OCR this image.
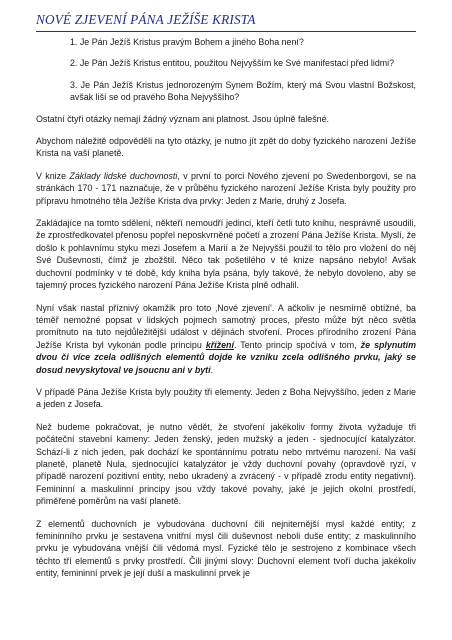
NOVÉ ZJEVENÍ PÁNA JEŽÍŠE KRISTA

1. Je Pán Ježíš Kristus pravým Bohem a jiného Boha není?

2. Je Pán Ježíš Kristus entitou, použitou Nejvyšším ke Své manifestaci před lidmi?

3. Je Pán Ježíš Kristus jednorozeným Synem Božím, který má Svou vlastní Božskost, avšak liší se od pravého Boha Nejvyššího?

Ostatní čtyři otázky nemají žádný význam ani platnost. Jsou úplně falešné.

Abychom náležitě odpověděli na tyto otázky, je nutno jít zpět do doby fyzického narození Ježíše Krista na vaší planetě.

V knize Základy lidské duchovnosti, v první to porci Nového zjevení po Swedenborgovi, se na stránkách 170 - 171 naznačuje, že v průběhu fyzického narození Ježíše Krista byly použity pro přípravu hmotného těla Ježíše Krista dva prvky: Jeden z Marie, druhý z Josefa.

Zakládajíce na tomto sdělení, někteří nemoudří jedinci, kteří četli tuto knihu, nesprávně usoudili, že zprostředkovatel přenosu popřel neposkvrněné početí a zrození Pána Ježíše Krista. Myslí, že došlo k pohlavnímu styku mezi Josefem a Marií a že Nejvyšší použil to tělo pro vložení do něj Své Duševnosti, čímž je zbožštil. Něco tak pošetilého v té knize napsáno nebylo! Avšak duchovní podmínky v té době, kdy kniha byla psána, byly takové, že nebylo dovoleno, aby se tajemný proces fyzického narození Pána Ježíše Krista plně odhalil.

Nyní však nastal příznivý okamžik pro toto ‚Nové zjevení'. A ačkoliv je nesmírně obtížné, ba téměř nemožné popsat v lidských pojmech samotný proces, přesto může být něco světla promítnuto na tuto nejdůležitější událost v dějinách stvoření. Proces přírodního zrození Pána Ježíše Krista byl vykonán podle principu křížení. Tento princip spočívá v tom, že splynutím dvou či více zcela odlišných elementů dojde ke vzniku zcela odlišného prvku, jaký se dosud nevyskytoval ve jsoucnu ani v bytí.

V případě Pána Ježíše Krista byly použity tři elementy. Jeden z Boha Nejvyššího, jeden z Marie a jeden z Josefa.

Než budeme pokračovat, je nutno vědět, že stvoření jakékoliv formy života vyžaduje tři počáteční stavební kameny: Jeden ženský, jeden mužský a jeden - sjednocující katalyzátor. Schází-li z nich jeden, pak dochází ke spontánnímu potratu nebo mrtvému narození. Na vaší planetě, planetě Nula, sjednocující katalyzátor je vždy duchovní povahy (opravdově ryzí, v případě narození pozitivní entity, nebo ukradený a zvrácený - v případě zrodu entity negativní). Femininní a maskulinní principy jsou vždy takové povahy, jaké je jejich okolní prostředí, přiměřené poměrům na vaší planetě.

Z elementů duchovních je vybudována duchovní čili nejniternější mysl každé entity; z femininního prvku je sestavena vnitřní mysl čili duševnost neboli duše entity; z maskulinního prvku je vybudována vnější čili vědomá mysl. Fyzické tělo je sestrojeno z kombinace všech těchto tří elementů s prvky prostředí. Čili jinými slovy: Duchovní element tvoří ducha jakékoliv entity, femininní prvek je její duší a maskulinní prvek je
